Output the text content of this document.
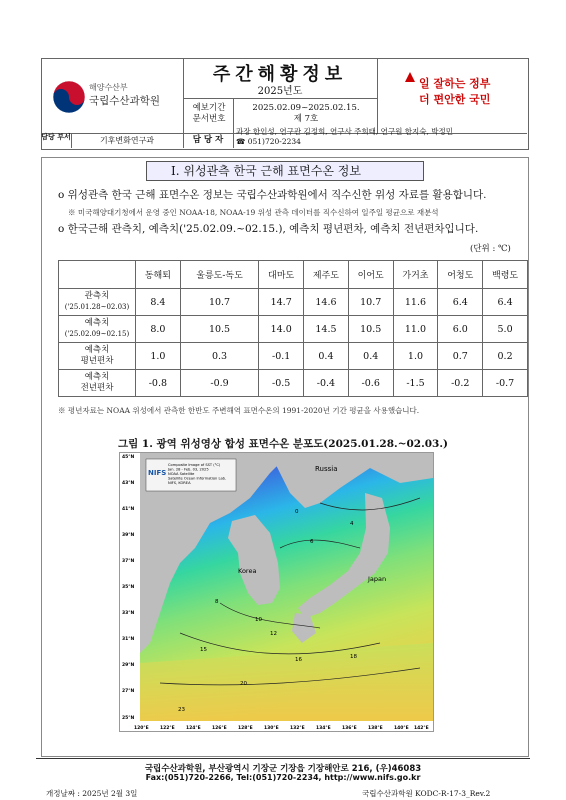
해양수산부
국립수산과학원
주간해황정보
2025년도
예보기간
문서번호
2025.02.09~2025.02.15.
제 7호
일 잘하는 정부
더 편안한 국민
담당 부서	기후변화연구과	담 당 자
과장 한인성, 연구관 김정희, 연구사 주희태, 연구원 한지숙, 박정민
☎ 051)720-2234
I. 위성관측 한국 근해 표면수온 정보
o 위성관측 한국 근해 표면수온 정보는 국립수산과학원에서 직수신한 위성 자료를 활용합니다.
※ 미국해양대기청에서 운영 중인 NOAA-18, NOAA-19 위성 관측 데이터를 직수신하여 일주일 평균으로 재분석
o 한국근해 관측치, 예측치('25.02.09.~02.15.), 예측치 평년편차, 예측치 전년편차입니다.
(단위 : ℃)
	동해퇴	울릉도-독도	대마도	제주도	이어도	가거초	어청도	백령도

관측치
('25.01.28~02.03)	8.4	10.7	14.7	14.6	10.7	11.6	6.4	6.4

예측치
('25.02.09~02.15)	8.0	10.5	14.0	14.5	10.5	11.0	6.0	5.0

예측치
평년편차	1.0	0.3	-0.1	0.4	0.4	1.0	0.7	0.2

예측치
전년편차	-0.8	-0.9	-0.5	-0.4	-0.6	-1.5	-0.2	-0.7
※ 평년자료는 NOAA 위성에서 관측한 한반도 주변해역 표면수온의 1991-2020년 기간 평균을 사용했습니다.
그림 1. 광역 위성영상 합성 표면수온 분포도(2025.01.28.~02.03.)
NIFS
Composite Image of SST (°C)
Jan. 28 - Feb. 03, 2025
NOAA Satellite
Satellite Ocean Information Lab.
NIFS, KOREA
Russia
Korea
Japan
0
4
6
8
10
12
15
16	18
20
23
45°N
43°N
41°N
39°N
37°N
35°N
33°N
31°N
29°N
27°N
25°N
120°E	122°E	124°E	126°E	128°E	130°E	132°E	134°E	136°E	138°E	140°E 142°E
국립수산과학원, 부산광역시 기장군 기장읍 기장해안로 216, (우)46083
Fax:(051)720-2266, Tel:(051)720-2234, http://www.nifs.go.kr
개정날짜 : 2025년 2월 3일	국립수산과학원 KODC-R-17-3_Rev.2
